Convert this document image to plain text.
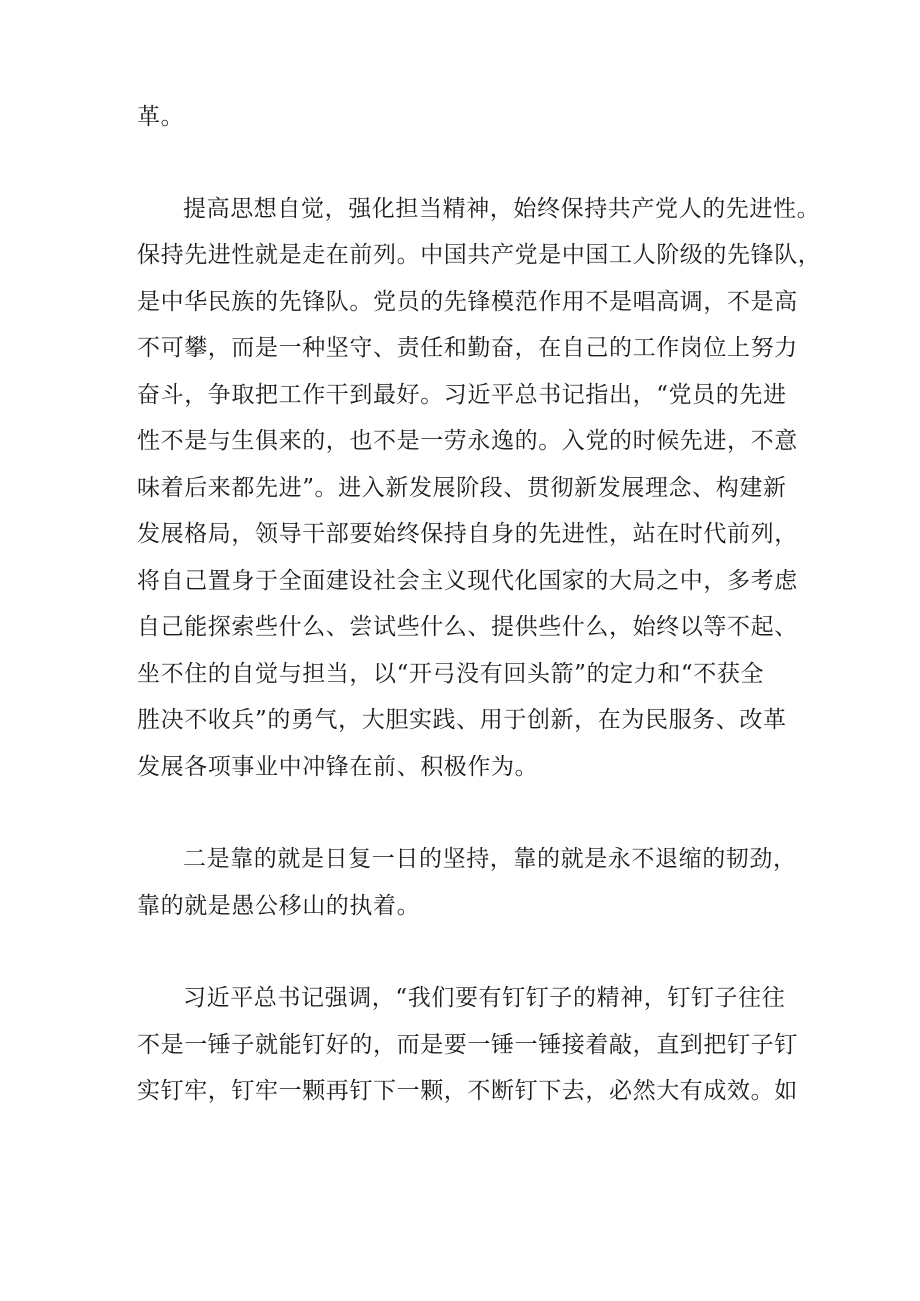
革。

提高思想自觉，强化担当精神，始终保持共产党人的先进性。

保持先进性就是走在前列。中国共产党是中国工人阶级的先锋队，

是中华民族的先锋队。党员的先锋模范作用不是唱高调，不是高

不可攀，而是一种坚守、责任和勤奋，在自己的工作岗位上努力

奋斗，争取把工作干到最好。习近平总书记指出，“党员的先进

性不是与生俱来的，也不是一劳永逸的。入党的时候先进，不意

味着后来都先进”。进入新发展阶段、贯彻新发展理念、构建新

发展格局，领导干部要始终保持自身的先进性，站在时代前列，

将自己置身于全面建设社会主义现代化国家的大局之中，多考虑

自己能探索些什么、尝试些什么、提供些什么，始终以等不起、

坐不住的自觉与担当，以“开弓没有回头箭”的定力和“不获全

胜决不收兵”的勇气，大胆实践、用于创新，在为民服务、改革

发展各项事业中冲锋在前、积极作为。

二是靠的就是日复一日的坚持，靠的就是永不退缩的韧劲，

靠的就是愚公移山的执着。

习近平总书记强调，“我们要有钉钉子的精神，钉钉子往往

不是一锤子就能钉好的，而是要一锤一锤接着敲，直到把钉子钉

实钉牢，钉牢一颗再钉下一颗，不断钉下去，必然大有成效。如
